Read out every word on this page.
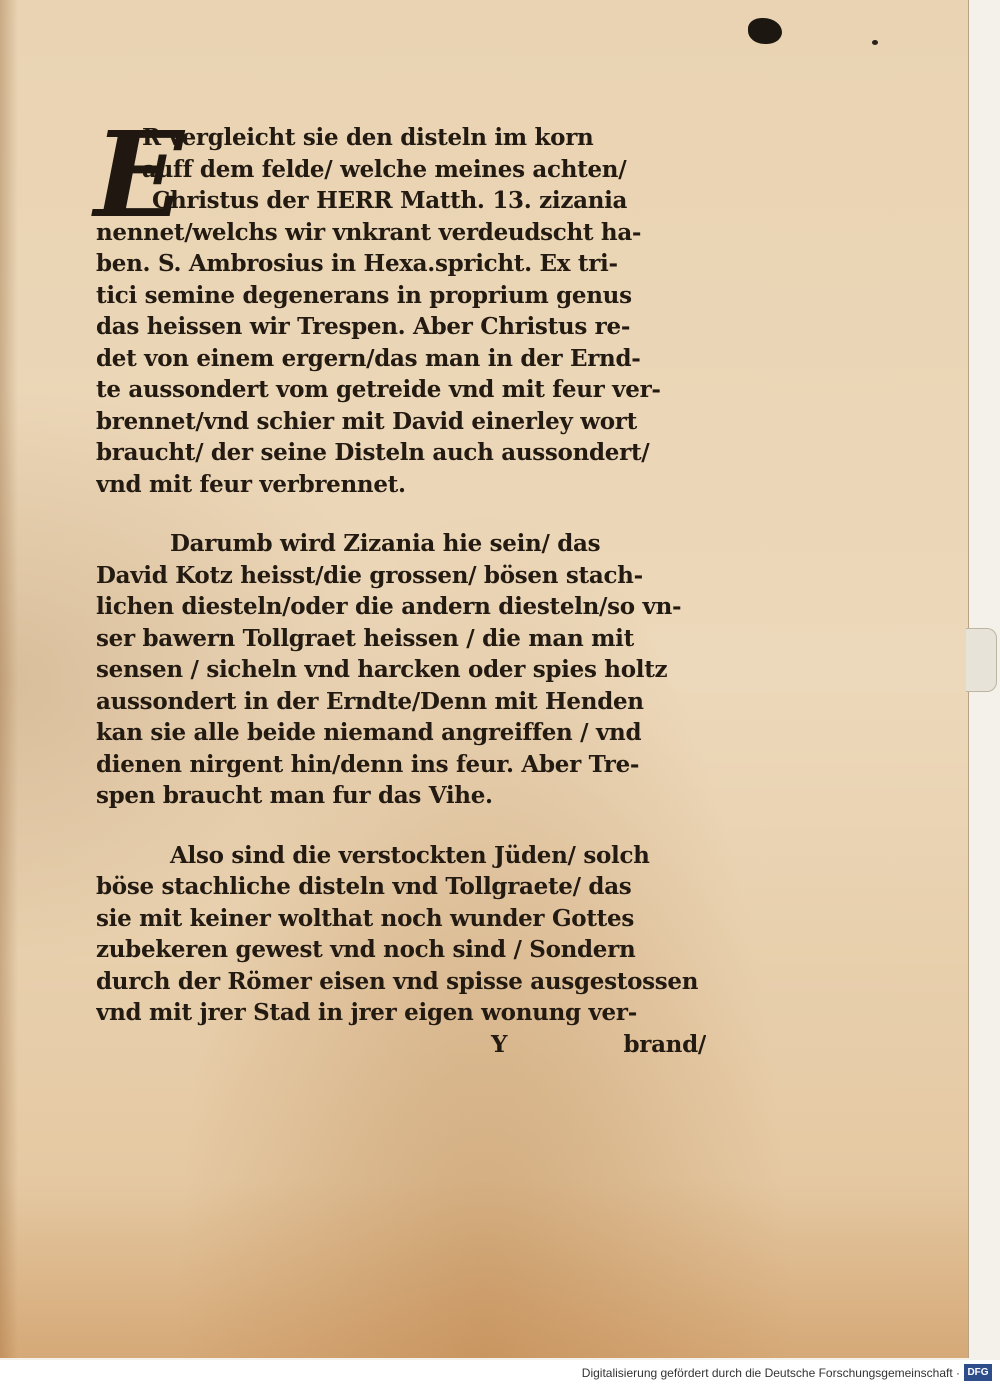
E
R vergleicht sie den disteln im korn
auff dem felde/ welche meines achten/
Christus der HERR Matth. 13. zizania
nennet/welchs wir vnkrant verdeudscht ha-
ben. S. Ambrosius in Hexa.spricht. Ex tri-
tici semine degenerans in proprium genus
das heissen wir Trespen. Aber Christus re-
det von einem ergern/das man in der Ernd-
te aussondert vom getreide vnd mit feur ver-
brennet/vnd schier mit David einerley wort
braucht/ der seine Disteln auch aussondert/
vnd mit feur verbrennet.
Darumb wird Zizania hie sein/ das
David Kotz heisst/die grossen/ bösen stach-
lichen diesteln/oder die andern diesteln/so vn-
ser bawern Tollgraet heissen / die man mit
sensen / sicheln vnd harcken oder spies holtz
aussondert in der Erndte/Denn mit Henden
kan sie alle beide niemand angreiffen / vnd
dienen nirgent hin/denn ins feur. Aber Tre-
spen braucht man fur das Vihe.
Also sind die verstockten Jüden/ solch
böse stachliche disteln vnd Tollgraete/ das
sie mit keiner wolthat noch wunder Gottes
zubekeren gewest vnd noch sind / Sondern
durch der Römer eisen vnd spisse ausgestossen
vnd mit jrer Stad in jrer eigen wonung ver-
Y	brand/
Digitalisierung gefördert durch die Deutsche Forschungsgemeinschaft · DFG
